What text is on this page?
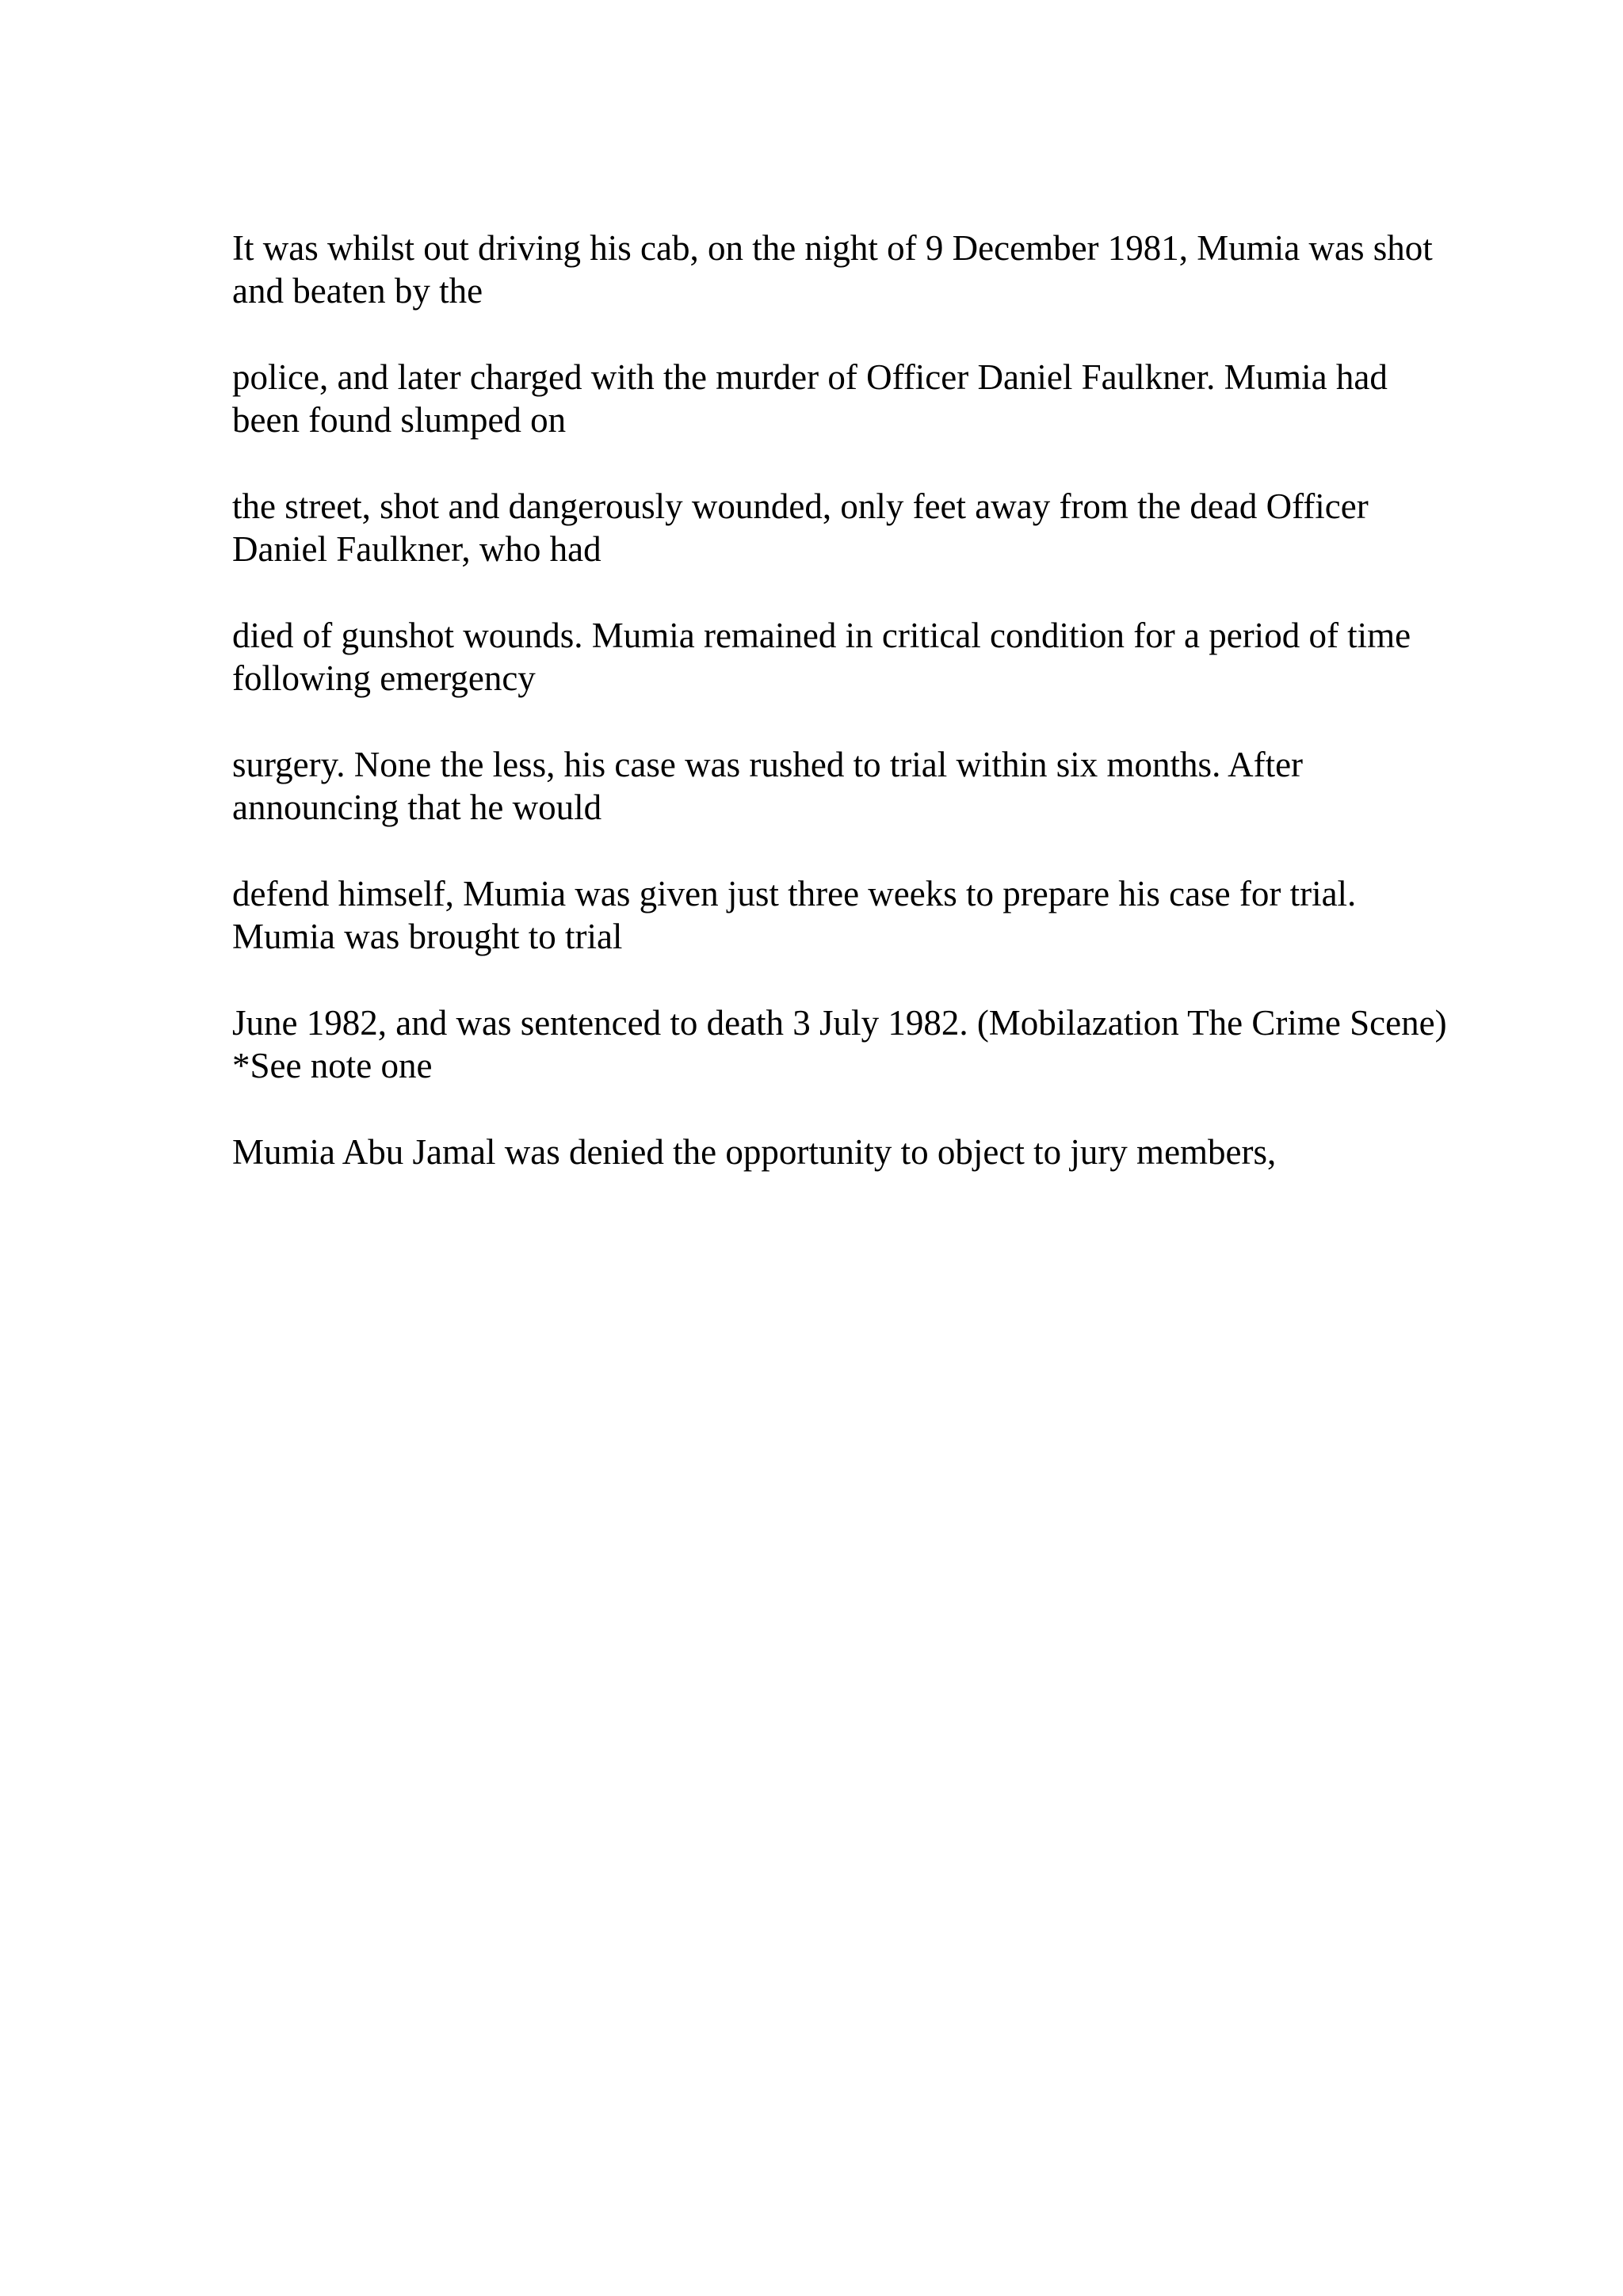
It was whilst out driving his cab, on the night of 9 December 1981, Mumia was shot
and beaten by the

police, and later charged with the murder of Officer Daniel Faulkner. Mumia had
been found slumped on

the street, shot and dangerously wounded, only feet away from the dead Officer
Daniel Faulkner, who had

died of gunshot wounds. Mumia remained in critical condition for a period of time
following emergency

surgery. None the less, his case was rushed to trial within six months. After
announcing that he would

defend himself, Mumia was given just three weeks to prepare his case for trial.
Mumia was brought to trial

June 1982, and was sentenced to death 3 July 1982. (Mobilazation The Crime Scene)
*See note one

Mumia Abu Jamal was denied the opportunity to object to jury members,
